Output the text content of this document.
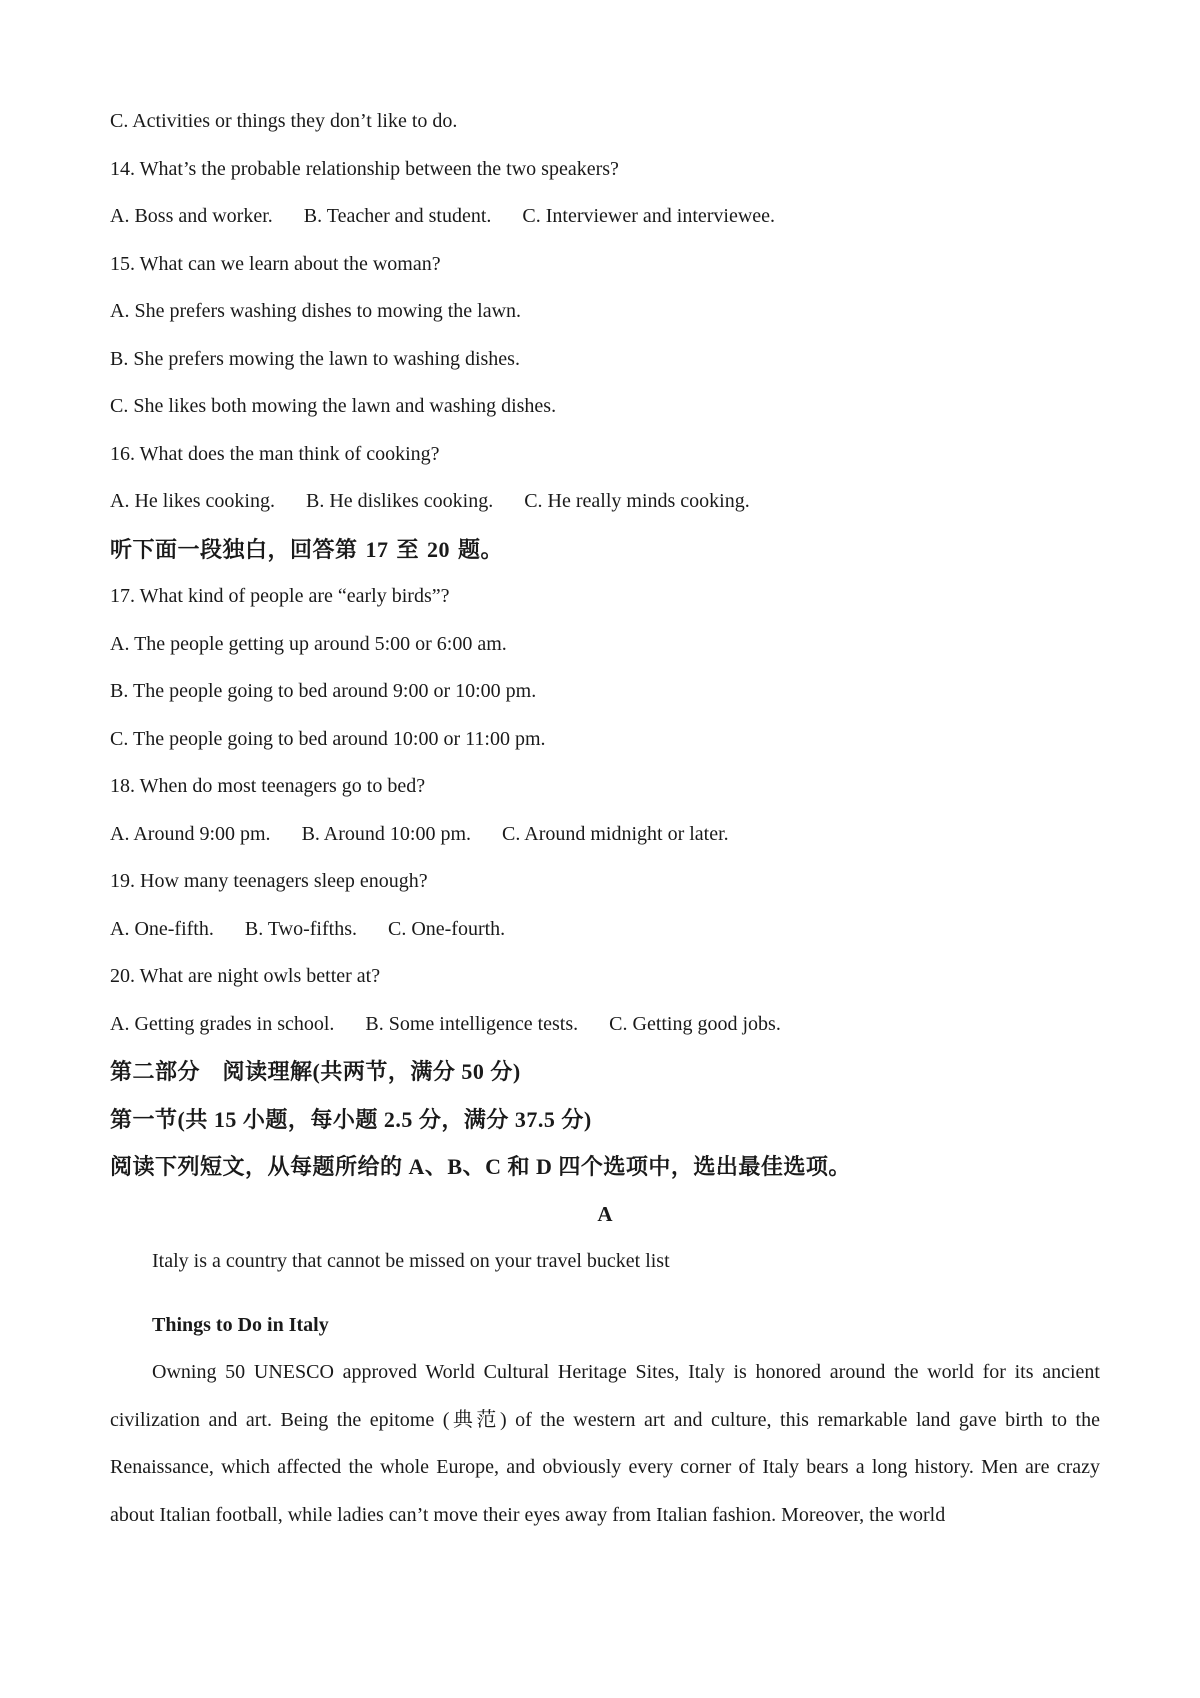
C. Activities or things they don’t like to do.
14. What’s the probable relationship between the two speakers?
A. Boss and worker. B. Teacher and student. C. Interviewer and interviewee.
15. What can we learn about the woman?
A. She prefers washing dishes to mowing the lawn.
B. She prefers mowing the lawn to washing dishes.
C. She likes both mowing the lawn and washing dishes.
16. What does the man think of cooking?
A. He likes cooking. B. He dislikes cooking. C. He really minds cooking.
听下面一段独白，回答第 17 至 20 题。
17. What kind of people are “early birds”?
A. The people getting up around 5:00 or 6:00 am.
B. The people going to bed around 9:00 or 10:00 pm.
C. The people going to bed around 10:00 or 11:00 pm.
18. When do most teenagers go to bed?
A. Around 9:00 pm. B. Around 10:00 pm. C. Around midnight or later.
19. How many teenagers sleep enough?
A. One-fifth. B. Two-fifths. C. One-fourth.
20. What are night owls better at?
A. Getting grades in school. B. Some intelligence tests. C. Getting good jobs.
第二部分　阅读理解(共两节，满分 50 分)
第一节(共 15 小题，每小题 2.5 分，满分 37.5 分)
阅读下列短文，从每题所给的 A、B、C 和 D 四个选项中，选出最佳选项。
A
Italy is a country that cannot be missed on your travel bucket list
Things to Do in Italy
Owning 50 UNESCO approved World Cultural Heritage Sites, Italy is honored around the world for its ancient civilization and art. Being the epitome (典范) of the western art and culture, this remarkable land gave birth to the Renaissance, which affected the whole Europe, and obviously every corner of Italy bears a long history. Men are crazy about Italian football, while ladies can’t move their eyes away from Italian fashion. Moreover, the world
